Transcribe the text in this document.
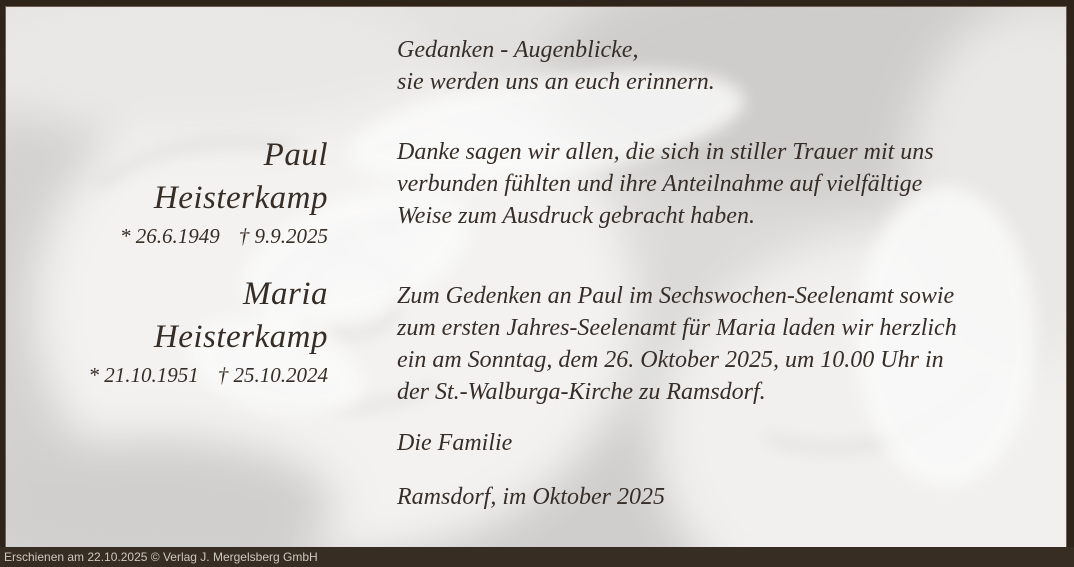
Paul
Heisterkamp
* 26.6.1949 † 9.9.2025
Maria
Heisterkamp
* 21.10.1951 † 25.10.2024
Gedanken - Augenblicke,
sie werden uns an euch erinnern.
Danke sagen wir allen, die sich in stiller Trauer mit uns
verbunden fühlten und ihre Anteilnahme auf vielfältige
Weise zum Ausdruck gebracht haben.
Zum Gedenken an Paul im Sechswochen-Seelenamt sowie
zum ersten Jahres-Seelenamt für Maria laden wir herzlich
ein am Sonntag, dem 26. Oktober 2025, um 10.00 Uhr in
der St.-Walburga-Kirche zu Ramsdorf.
Die Familie
Ramsdorf, im Oktober 2025
Erschienen am 22.10.2025 © Verlag J. Mergelsberg GmbH
